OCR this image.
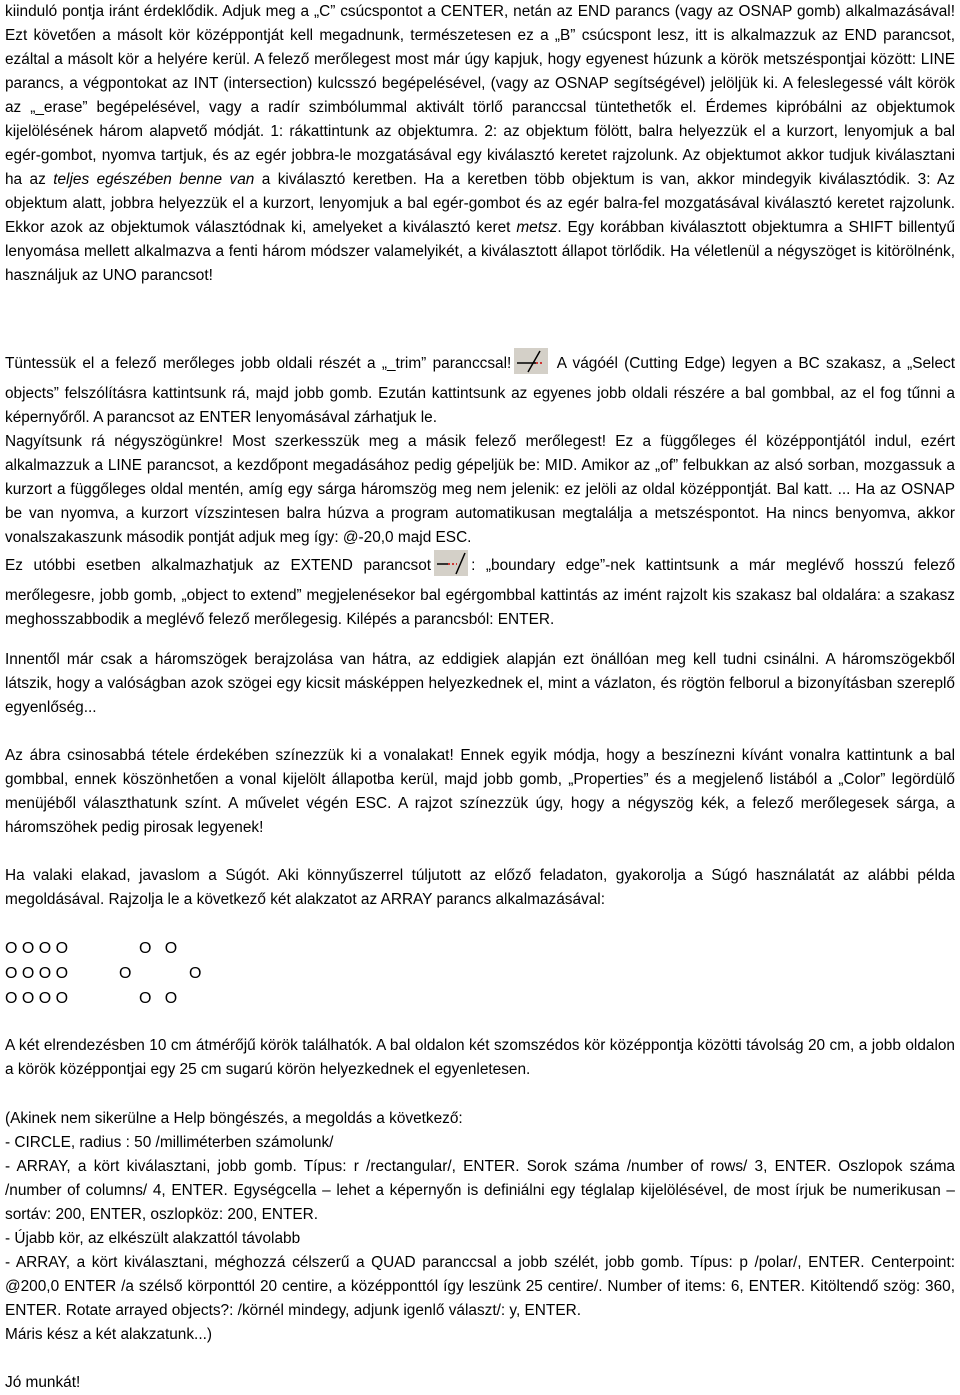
kiinduló pontja iránt érdeklődik. Adjuk meg a „C” csúcspontot a CENTER, netán az END parancs (vagy az OSNAP gomb) alkalmazásával! Ezt követően a másolt kör középpontját kell megadnunk, természetesen ez a „B” csúcspont lesz, itt is alkalmazzuk az END parancsot, ezáltal a másolt kör a helyére kerül. A felező merőlegest most már úgy kapjuk, hogy egyenest húzunk a körök metszéspontjai között: LINE parancs, a végpontokat az INT (intersection) kulcsszó begépelésével, (vagy az OSNAP segítségével) jelöljük ki. A feleslegessé vált körök az „_erase” begépelésével, vagy a radír szimbólummal aktivált törlő paranccsal tüntethetők el. Érdemes kipróbálni az objektumok kijelölésének három alapvető módját. 1: rákattintunk az objektumra. 2: az objektum fölött, balra helyezzük el a kurzort, lenyomjuk a bal egér-gombot, nyomva tartjuk, és az egér jobbra-le mozgatásával egy kiválasztó keretet rajzolunk. Az objektumot akkor tudjuk kiválasztani ha az teljes egészében benne van a kiválasztó keretben. Ha a keretben több objektum is van, akkor mindegyik kiválasztódik. 3: Az objektum alatt, jobbra helyezzük el a kurzort, lenyomjuk a bal egér-gombot és az egér balra-fel mozgatásával kiválasztó keretet rajzolunk. Ekkor azok az objektumok választódnak ki, amelyeket a kiválasztó keret metsz. Egy korábban kiválasztott objektumra a SHIFT billentyű lenyomása mellett alkalmazva a fenti három módszer valamelyikét, a kiválasztott állapot törlődik. Ha véletlenül a négyszöget is kitörölnénk, használjuk az UNO parancsot!
Tüntessük el a felező merőleges jobb oldali részét a „_trim” paranccsal!	A vágóél (Cutting Edge) legyen a BC szakasz, a „Select objects” felszólításra kattintsunk rá, majd jobb gomb. Ezután kattintsunk az egyenes jobb oldali részére a bal gombbal, az el fog tűnni a képernyőről. A parancsot az ENTER lenyomásával zárhatjuk le.
Nagyítsunk rá négyszögünkre! Most szerkesszük meg a másik felező merőlegest! Ez a függőleges él középpontjától indul, ezért alkalmazzuk a LINE parancsot, a kezdőpont megadásához pedig gépeljük be: MID. Amikor az „of” felbukkan az alsó sorban, mozgassuk a kurzort a függőleges oldal mentén, amíg egy sárga háromszög meg nem jelenik: ez jelöli az oldal középpontját. Bal katt. ... Ha az OSNAP be van nyomva, a kurzort vízszintesen balra húzva a program automatikusan megtalálja a metszéspontot. Ha nincs benyomva, akkor vonalszakaszunk második pontját adjuk meg így: @-20,0 majd ESC.
Ez utóbbi esetben alkalmazhatjuk az EXTEND parancsot	: „boundary edge”-nek kattintsunk a már meglévő hosszú felező merőlegesre, jobb gomb, „object to extend” megjelenésekor bal egérgombbal kattintás az imént rajzolt kis szakasz bal oldalára: a szakasz meghosszabbodik a meglévő felező merőlegesig. Kilépés a parancsból: ENTER.
Innentől már csak a háromszögek berajzolása van hátra, az eddigiek alapján ezt önállóan meg kell tudni csinálni. A háromszögekből látszik, hogy a valóságban azok szögei egy kicsit másképpen helyezkednek el, mint a vázlaton, és rögtön felborul a bizonyításban szereplő egyenlőség...
Az ábra csinosabbá tétele érdekében színezzük ki a vonalakat! Ennek egyik módja, hogy a beszínezni kívánt vonalra kattintunk a bal gombbal, ennek köszönhetően a vonal kijelölt állapotba kerül, majd jobb gomb, „Properties” és a megjelenő listából a „Color” legördülő menüjéből választhatunk színt. A művelet végén ESC. A rajzot színezzük úgy, hogy a négyszög kék, a felező merőlegesek sárga, a háromszöhek pedig pirosak legyenek!
Ha valaki elakad, javaslom a Súgót. Aki könnyűszerrel túljutott az előző feladaton, gyakorolja a Súgó használatát az alábbi példa megoldásával. Rajzolja le a következő két alakzatot az ARRAY parancs alkalmazásával:
O O O O	O   O
O O O O	O	O
O O O O	O   O
A két elrendezésben 10 cm átmérőjű körök találhatók. A bal oldalon két szomszédos kör középpontja közötti távolság 20 cm, a jobb oldalon a körök középpontjai egy 25 cm sugarú körön helyezkednek el egyenletesen.
(Akinek nem sikerülne a Help böngészés, a megoldás a következő:
- CIRCLE, radius : 50 /milliméterben számolunk/
- ARRAY, a kört kiválasztani, jobb gomb. Típus: r /rectangular/, ENTER. Sorok száma /number of rows/ 3, ENTER. Oszlopok száma /number of columns/ 4, ENTER. Egységcella – lehet a képernyőn is definiálni egy téglalap kijelölésével, de most írjuk be numerikusan – sortáv: 200, ENTER, oszlopköz: 200, ENTER.
- Újabb kör, az elkészült alakzattól távolabb
- ARRAY, a kört kiválasztani, méghozzá célszerű a QUAD paranccsal a jobb szélét, jobb gomb. Típus: p /polar/, ENTER. Centerpoint: @200,0 ENTER /a szélső körponttól 20 centire, a középponttól így leszünk 25 centire/. Number of items: 6, ENTER. Kitöltendő szög: 360, ENTER. Rotate arrayed objects?: /körnél mindegy, adjunk igenlő választ/: y, ENTER.
Máris kész a két alakzatunk...)
Jó munkát!
